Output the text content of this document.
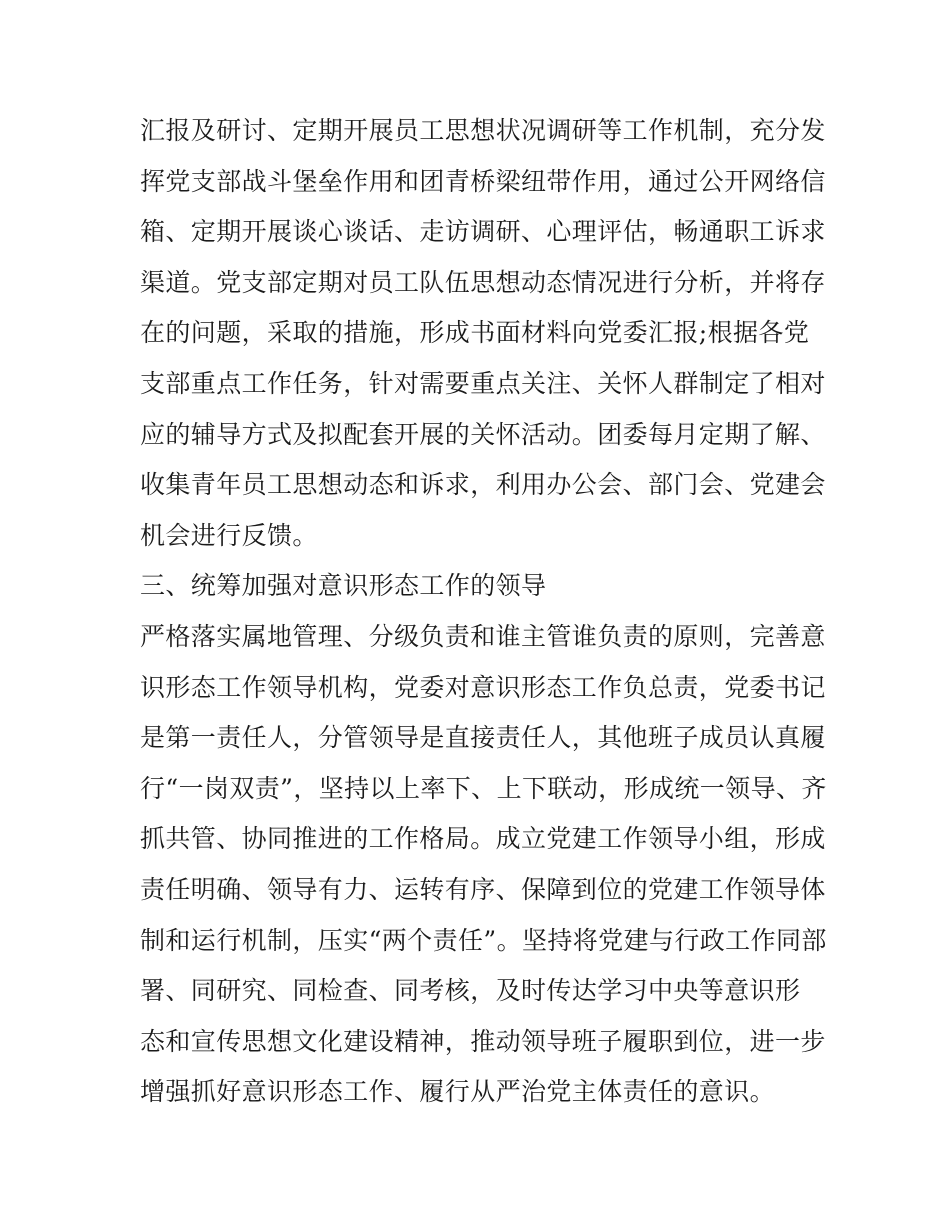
汇报及研讨、定期开展员工思想状况调研等工作机制，充分发
挥党支部战斗堡垒作用和团青桥梁纽带作用，通过公开网络信
箱、定期开展谈心谈话、走访调研、心理评估，畅通职工诉求
渠道。党支部定期对员工队伍思想动态情况进行分析，并将存
在的问题，采取的措施，形成书面材料向党委汇报;根据各党
支部重点工作任务，针对需要重点关注、关怀人群制定了相对
应的辅导方式及拟配套开展的关怀活动。团委每月定期了解、
收集青年员工思想动态和诉求，利用办公会、部门会、党建会
机会进行反馈。
三、统筹加强对意识形态工作的领导
严格落实属地管理、分级负责和谁主管谁负责的原则，完善意
识形态工作领导机构，党委对意识形态工作负总责，党委书记
是第一责任人，分管领导是直接责任人，其他班子成员认真履
行“一岗双责”，坚持以上率下、上下联动，形成统一领导、齐
抓共管、协同推进的工作格局。成立党建工作领导小组，形成
责任明确、领导有力、运转有序、保障到位的党建工作领导体
制和运行机制，压实“两个责任”。坚持将党建与行政工作同部
署、同研究、同检查、同考核，及时传达学习中央等意识形
态和宣传思想文化建设精神，推动领导班子履职到位，进一步
增强抓好意识形态工作、履行从严治党主体责任的意识。
